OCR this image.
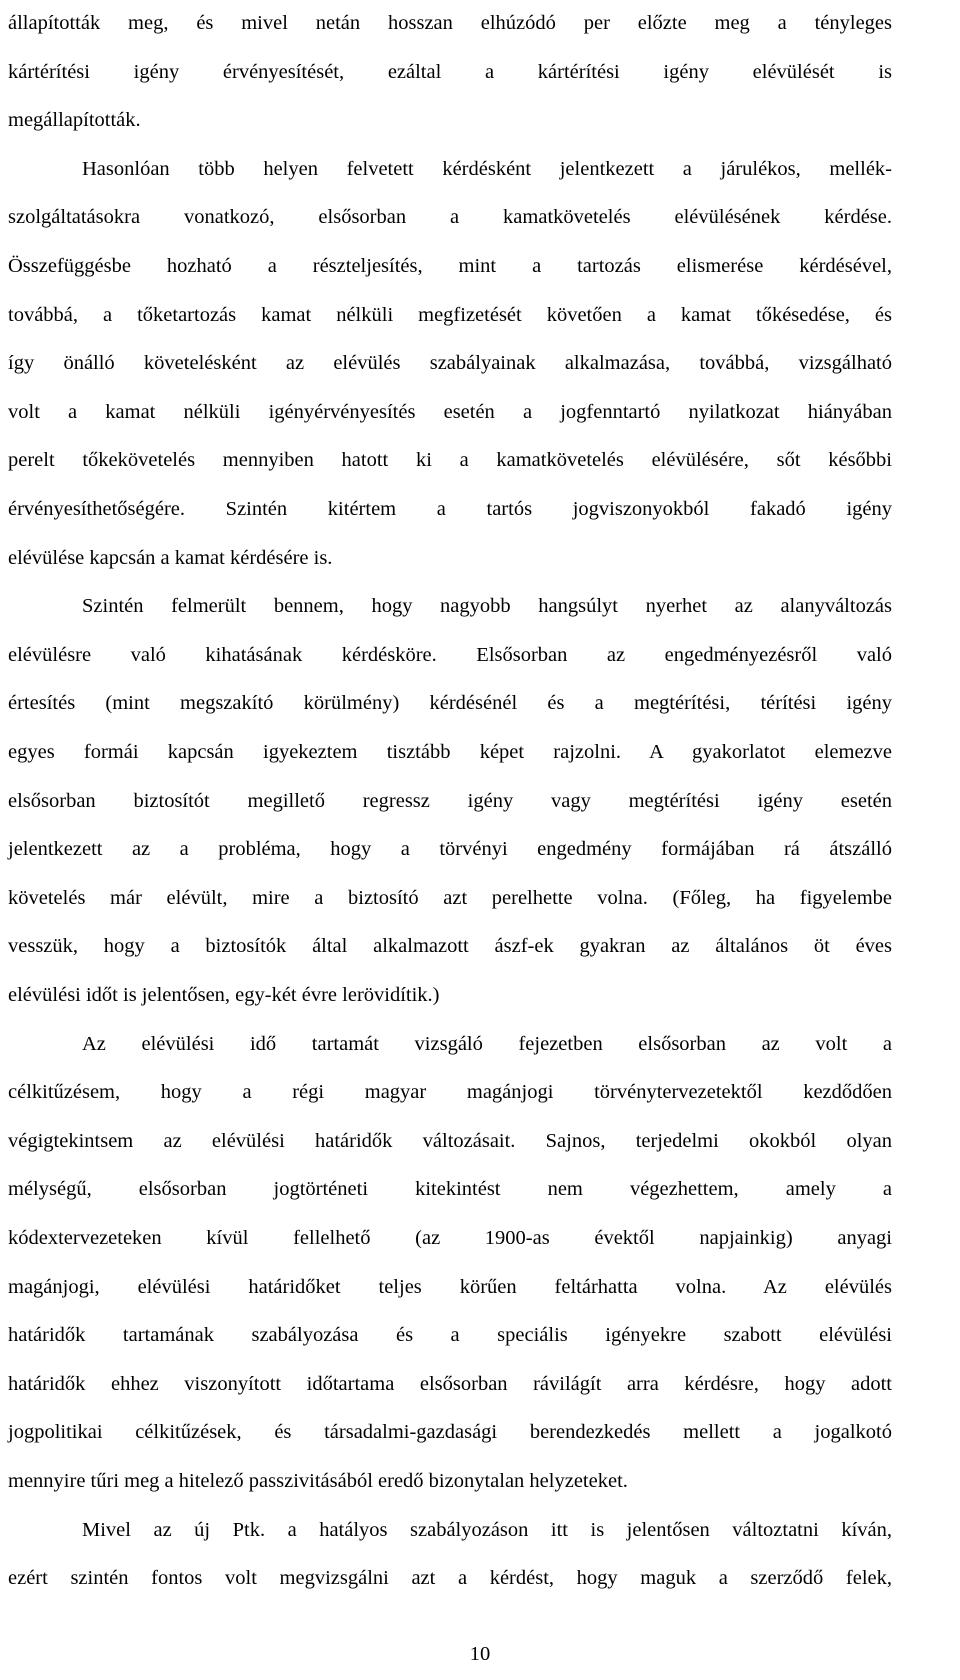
állapították meg, és mivel netán hosszan elhúzódó per előzte meg a tényleges
kártérítési igény érvényesítését, ezáltal a kártérítési igény elévülését is
megállapították.
Hasonlóan több helyen felvetett kérdésként jelentkezett a járulékos, mellék-
szolgáltatásokra vonatkozó, elsősorban a kamatkövetelés elévülésének kérdése.
Összefüggésbe hozható a részteljesítés, mint a tartozás elismerése kérdésével,
továbbá, a tőketartozás kamat nélküli megfizetését követően a kamat tőkésedése, és
így önálló követelésként az elévülés szabályainak alkalmazása, továbbá, vizsgálható
volt a kamat nélküli igényérvényesítés esetén a jogfenntartó nyilatkozat hiányában
perelt tőkekövetelés mennyiben hatott ki a kamatkövetelés elévülésére, sőt későbbi
érvényesíthetőségére. Szintén kitértem a tartós jogviszonyokból fakadó igény
elévülése kapcsán a kamat kérdésére is.
Szintén felmerült bennem, hogy nagyobb hangsúlyt nyerhet az alanyváltozás
elévülésre való kihatásának kérdésköre. Elsősorban az engedményezésről való
értesítés (mint megszakító körülmény) kérdésénél és a megtérítési, térítési igény
egyes formái kapcsán igyekeztem tisztább képet rajzolni. A gyakorlatot elemezve
elsősorban biztosítót megillető regressz igény vagy megtérítési igény esetén
jelentkezett az a probléma, hogy a törvényi engedmény formájában rá átszálló
követelés már elévült, mire a biztosító azt perelhette volna. (Főleg, ha figyelembe
vesszük, hogy a biztosítók által alkalmazott ászf-ek gyakran az általános öt éves
elévülési időt is jelentősen, egy-két évre lerövidítik.)
Az elévülési idő tartamát vizsgáló fejezetben elsősorban az volt a
célkitűzésem, hogy a régi magyar magánjogi törvénytervezetektől kezdődően
végigtekintsem az elévülési határidők változásait. Sajnos, terjedelmi okokból olyan
mélységű, elsősorban jogtörténeti kitekintést nem végezhettem, amely a
kódextervezeteken kívül fellelhető (az 1900-as évektől napjainkig) anyagi
magánjogi, elévülési határidőket teljes körűen feltárhatta volna. Az elévülés
határidők tartamának szabályozása és a speciális igényekre szabott elévülési
határidők ehhez viszonyított időtartama elsősorban rávilágít arra kérdésre, hogy adott
jogpolitikai célkitűzések, és társadalmi-gazdasági berendezkedés mellett a jogalkotó
mennyire tűri meg a hitelező passzivitásából eredő bizonytalan helyzeteket.
Mivel az új Ptk. a hatályos szabályozáson itt is jelentősen változtatni kíván,
ezért szintén fontos volt megvizsgálni azt a kérdést, hogy maguk a szerződő felek,
10
